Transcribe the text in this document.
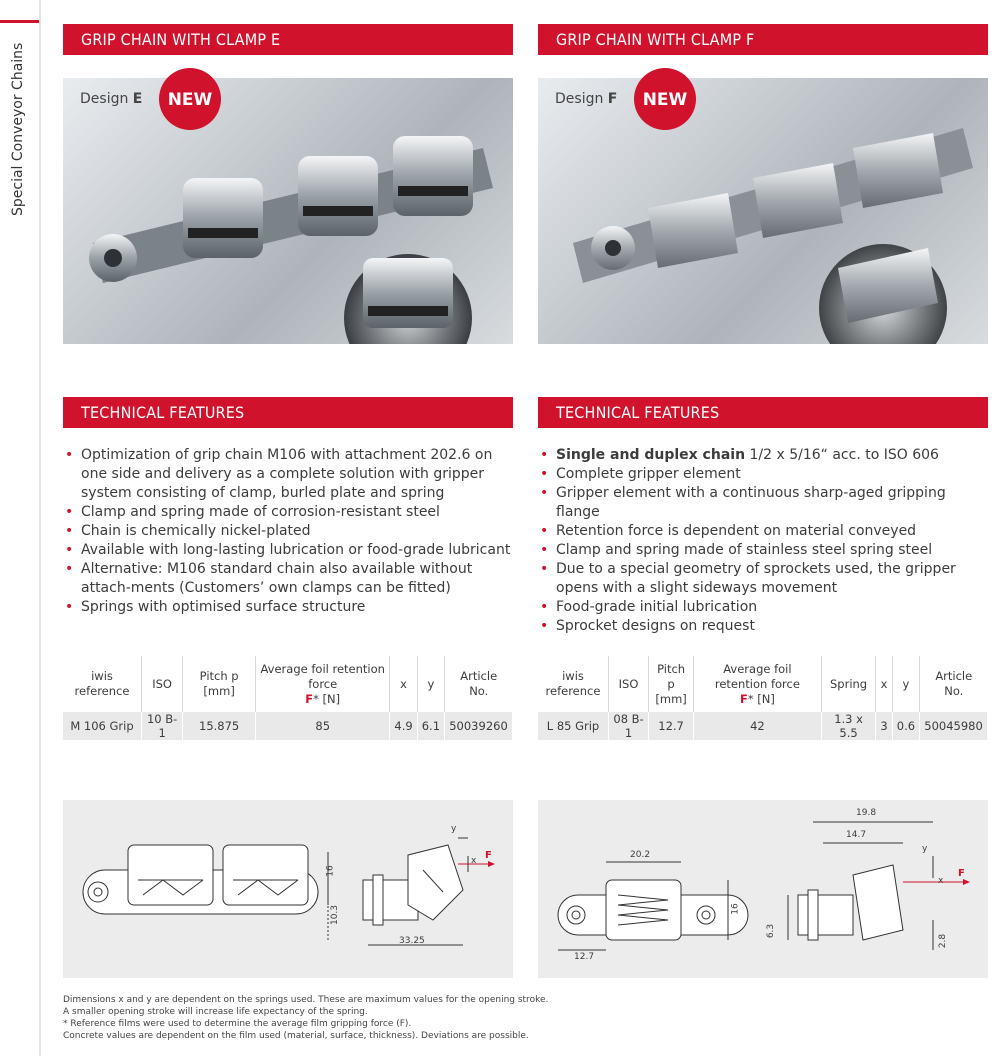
Special Conveyor Chains
GRIP CHAIN WITH CLAMP E
Design E	NEW
TECHNICAL FEATURES
• Optimization of grip chain M106 with attachment 202.6 on one side and delivery as a complete solution with gripper system consisting of clamp, burled plate and spring
• Clamp and spring made of corrosion-resistant steel
• Chain is chemically nickel-plated
• Available with long-lasting lubrication or food-grade lubricant
• Alternative: M106 standard chain also available without attach-ments (Customers’ own clamps can be fitted)
• Springs with optimised surface structure
iwis reference	ISO	Pitch p [mm]	Average foil retention force
F* [N]	x	y	Article No.
M 106 Grip	10 B-1	15.875	85	4.9	6.1	50039260
16
10.3
33.25
y
x F
GRIP CHAIN WITH CLAMP F
Design F	NEW
TECHNICAL FEATURES
• Single and duplex chain 1/2 x 5/16“ acc. to ISO 606
• Complete gripper element
• Gripper element with a continuous sharp-aged gripping flange
• Retention force is dependent on material conveyed
• Clamp and spring made of stainless steel spring steel
• Due to a special geometry of sprockets used, the gripper opens with a slight sideways movement
• Food-grade initial lubrication
• Sprocket designs on request
iwis reference	ISO	Pitch p [mm]	Average foil retention force
F* [N]	Spring	x	y	Article No.
L 85 Grip	08 B-1	12.7	42	1.3 x 5.5	3	0.6	50045980
20.2
16
12.7
19.8
14.7
6.3
2.8
y
x
F
Dimensions x and y are dependent on the springs used. These are maximum values for the opening stroke.
A smaller opening stroke will increase life expectancy of the spring.
* Reference films were used to determine the average film gripping force (F).
Concrete values are dependent on the film used (material, surface, thickness). Deviations are possible.
